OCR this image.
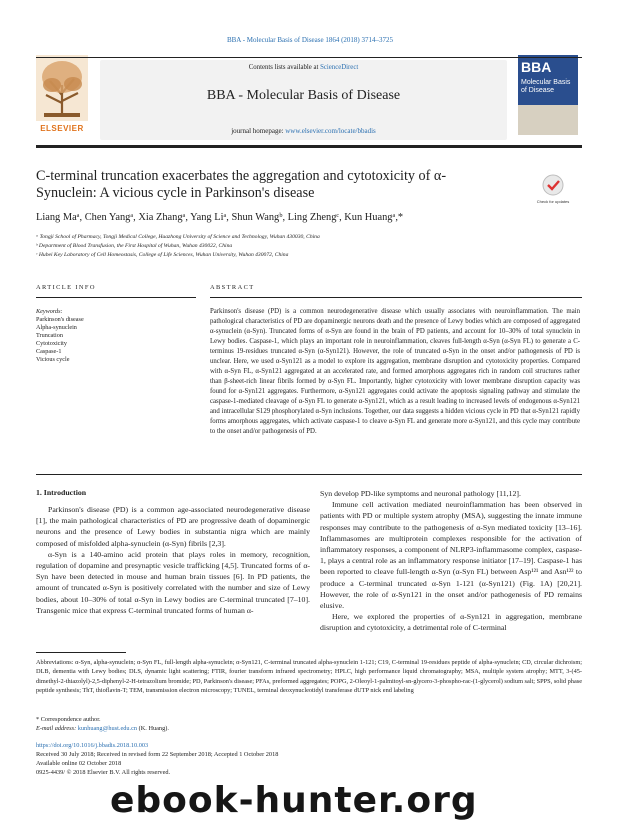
BBA - Molecular Basis of Disease 1864 (2018) 3714–3725
ELSEVIER
Contents lists available at ScienceDirect
BBA - Molecular Basis of Disease
journal homepage: www.elsevier.com/locate/bbadis
BBA
Molecular Basis of Disease
C-terminal truncation exacerbates the aggregation and cytotoxicity of α-Synuclein: A vicious cycle in Parkinson's disease
Check for updates
Liang Maᵃ, Chen Yangᵃ, Xia Zhangᵃ, Yang Liᵃ, Shun Wangᵇ, Ling Zhengᶜ, Kun Huangᵃ,*
ᵃ Tongji School of Pharmacy, Tongji Medical College, Huazhong University of Science and Technology, Wuhan 430030, China
ᵇ Department of Blood Transfusion, the First Hospital of Wuhan, Wuhan 430022, China
ᶜ Hubei Key Laboratory of Cell Homeostasis, College of Life Sciences, Wuhan University, Wuhan 430072, China
ARTICLE INFO	ABSTRACT
Keywords:
Parkinson's disease
Alpha-synuclein
Truncation
Cytotoxicity
Caspase-1
Vicious cycle
Parkinson's disease (PD) is a common neurodegenerative disease which usually associates with neuroinflammation. The main pathological characteristics of PD are dopaminergic neurons death and the presence of Lewy bodies which are composed of aggregated α-synuclein (α-Syn). Truncated forms of α-Syn are found in the brain of PD patients, and account for 10–30% of total synuclein in Lewy bodies. Caspase-1, which plays an important role in neuroinflammation, cleaves full-length α-Syn (α-Syn FL) to generate a C-terminus 19-residues truncated α-Syn (α-Syn121). However, the role of truncated α-Syn in the onset and/or pathogenesis of PD is unclear. Here, we used α-Syn121 as a model to explore its aggregation, membrane disruption and cytotoxicity properties. Compared with α-Syn FL, α-Syn121 aggregated at an accelerated rate, and formed amorphous aggregates rich in random coil structures rather than β-sheet-rich linear fibrils formed by α-Syn FL. Importantly, higher cytotoxicity with lower membrane disruption capacity was found for α-Syn121 aggregates. Furthermore, α-Syn121 aggregates could activate the apoptosis signaling pathway and stimulate the caspase-1-mediated cleavage of α-Syn FL to generate α-Syn121, which as a result leading to increased levels of endogenous α-Syn121 and intracellular S129 phosphorylated α-Syn inclusions. Together, our data suggests a hidden vicious cycle in PD that α-Syn121 rapidly forms amorphous aggregates, which activate caspase-1 to cleave α-Syn FL and generate more α-Syn121, and this cycle may contribute to the onset and/or pathogenesis of PD.
1. Introduction

Parkinson's disease (PD) is a common age-associated neurodegenerative disease [1], the main pathological characteristics of PD are progressive death of dopaminergic neurons and the presence of Lewy bodies in substantia nigra which are mainly composed of misfolded alpha-synuclein (α-Syn) fibrils [2,3].

α-Syn is a 140-amino acid protein that plays roles in memory, recognition, regulation of dopamine and presynaptic vesicle trafficking [4,5]. Truncated forms of α-Syn have been detected in mouse and human brain tissues [6]. In PD patients, the amount of truncated α-Syn is positively correlated with the number and size of Lewy bodies, about 10–30% of total α-Syn in Lewy bodies are C-terminal truncated [7–10]. Transgenic mice that express C-terminal truncated forms of human α-

Syn develop PD-like symptoms and neuronal pathology [11,12].

Immune cell activation mediated neuroinflammation has been observed in patients with PD or multiple system atrophy (MSA), suggesting the innate immune responses may contribute to the pathogenesis of α-Syn mediated toxicity [13–16]. Inflammasomes are multiprotein complexes responsible for the activation of inflammatory responses, a component of NLRP3-inflammasome complex, caspase-1, plays a central role as an inflammatory response initiator [17–19]. Caspase-1 has been reported to cleave full-length α-Syn (α-Syn FL) between Asp¹²¹ and Asn¹²² to produce a C-terminal truncated α-Syn 1-121 (α-Syn121) (Fig. 1A) [20,21]. However, the role of α-Syn121 in the onset and/or pathogenesis of PD remains elusive.

Here, we explored the properties of α-Syn121 in aggregation, membrane disruption and cytotoxicity, a detrimental role of C-terminal

Abbreviations: α-Syn, alpha-synuclein; α-Syn FL, full-length alpha-synuclein; α-Syn121, C-terminal truncated alpha-synuclein 1-121; C19, C-terminal 19-residues peptide of alpha-synuclein; CD, circular dichroism; DLB, dementia with Lewy bodies; DLS, dynamic light scattering; FTIR, fourier transform infrared spectrometry; HPLC, high performance liquid chromatography; MSA, multiple system atrophy; MTT, 3-(45-dimethyl-2-thiazolyl)-2,5-diphenyl-2-H-tetrazolium bromide; PD, Parkinson's disease; PFAs, preformed aggregates; POPG, 2-Oleoyl-1-palmitoyl-sn-glycero-3-phospho-rac-(1-glycerol) sodium salt; SPPS, solid phase peptide synthesis; ThT, thioflavin-T; TEM, transmission electron microscopy; TUNEL, terminal deoxynucleotidyl transferase dUTP nick end labeling
* Correspondence author.
E-mail address: kunhuang@hust.edu.cn (K. Huang).
https://doi.org/10.1016/j.bbadis.2018.10.003
Received 30 July 2018; Received in revised form 22 September 2018; Accepted 1 October 2018
Available online 02 October 2018
0925-4439/ © 2018 Elsevier B.V. All rights reserved.
ebook-hunter.org
